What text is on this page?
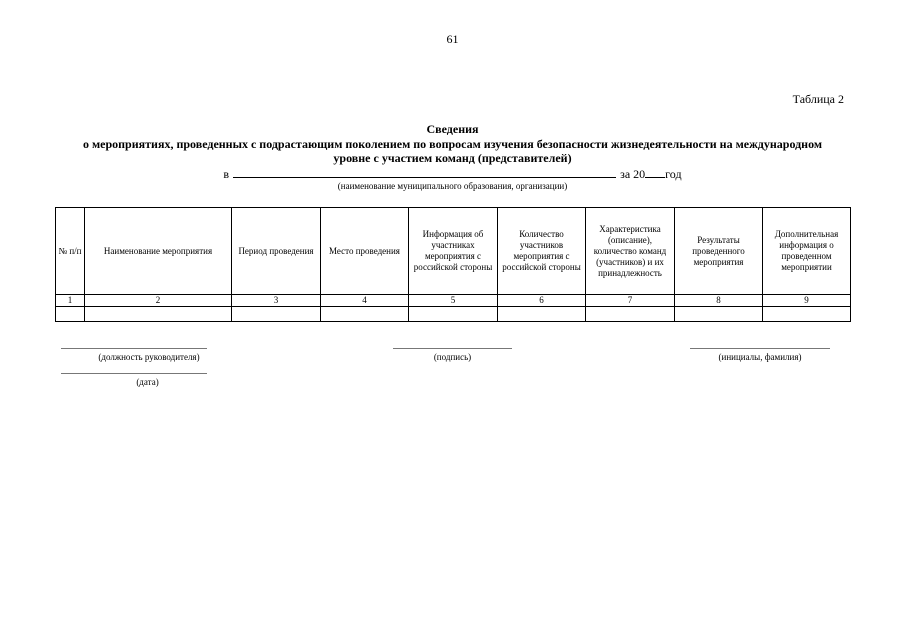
61
Таблица 2
Сведения
о мероприятиях, проведенных с подрастающим поколением по вопросам изучения безопасности жизнедеятельности на международном уровне с участием команд (представителей)
в	за 20 год
(наименование муниципального образования, организации)
№ п/п	Наименование мероприятия	Период проведения	Место проведения	Информация об участниках мероприятия с российской стороны	Количество участников мероприятия с российской стороны	Характеристика (описание), количество команд (участников) и их принадлежность	Результаты проведенного мероприятия	Дополнительная информация о проведенном мероприятии
1	2	3	4	5	6	7	8	9

(должность руководителя)	(подпись)	(инициалы, фамилия)
(дата)
